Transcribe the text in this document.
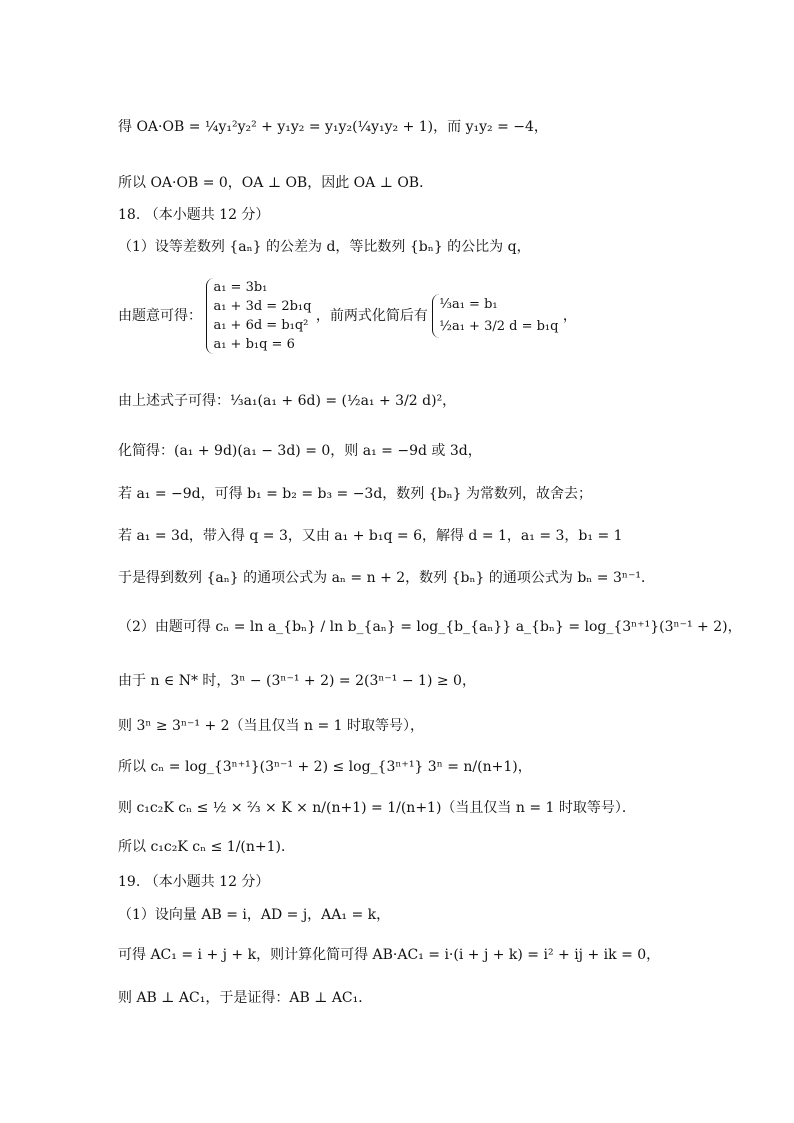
得 OA·OB = ¼y₁²y₂² + y₁y₂ = y₁y₂(¼y₁y₂ + 1)，而 y₁y₂ = −4，
所以 OA·OB = 0，OA ⊥ OB，因此 OA ⊥ OB．
18. （本小题共 12 分）
（1）设等差数列 {aₙ} 的公差为 d，等比数列 {bₙ} 的公比为 q，
由题意可得：
a₁ = 3b₁
a₁ + 3d = 2b₁q
a₁ + 6d = b₁q²
a₁ + b₁q = 6
，前两式化简后有
⅓a₁ = b₁
½a₁ + 3/2 d = b₁q
，
由上述式子可得：⅓a₁(a₁ + 6d) = (½a₁ + 3/2 d)²，
化简得：(a₁ + 9d)(a₁ − 3d) = 0，则 a₁ = −9d 或 3d，
若 a₁ = −9d，可得 b₁ = b₂ = b₃ = −3d，数列 {bₙ} 为常数列，故舍去；
若 a₁ = 3d，带入得 q = 3，又由 a₁ + b₁q = 6，解得 d = 1，a₁ = 3，b₁ = 1
于是得到数列 {aₙ} 的通项公式为 aₙ = n + 2，数列 {bₙ} 的通项公式为 bₙ = 3ⁿ⁻¹．
（2）由题可得 cₙ = ln a_{bₙ} / ln b_{aₙ} = log_{b_{aₙ}} a_{bₙ} = log_{3ⁿ⁺¹}(3ⁿ⁻¹ + 2)，
由于 n ∈ N* 时，3ⁿ − (3ⁿ⁻¹ + 2) = 2(3ⁿ⁻¹ − 1) ≥ 0，
则 3ⁿ ≥ 3ⁿ⁻¹ + 2（当且仅当 n = 1 时取等号），
所以 cₙ = log_{3ⁿ⁺¹}(3ⁿ⁻¹ + 2) ≤ log_{3ⁿ⁺¹} 3ⁿ = n/(n+1)，
则 c₁c₂K cₙ ≤ ½ × ⅔ × K × n/(n+1) = 1/(n+1)（当且仅当 n = 1 时取等号）．
所以 c₁c₂K cₙ ≤ 1/(n+1)．
19. （本小题共 12 分）
（1）设向量 AB = i，AD = j，AA₁ = k，
可得 AC₁ = i + j + k，则计算化简可得 AB·AC₁ = i·(i + j + k) = i² + ij + ik = 0，
则 AB ⊥ AC₁，于是证得：AB ⊥ AC₁．
